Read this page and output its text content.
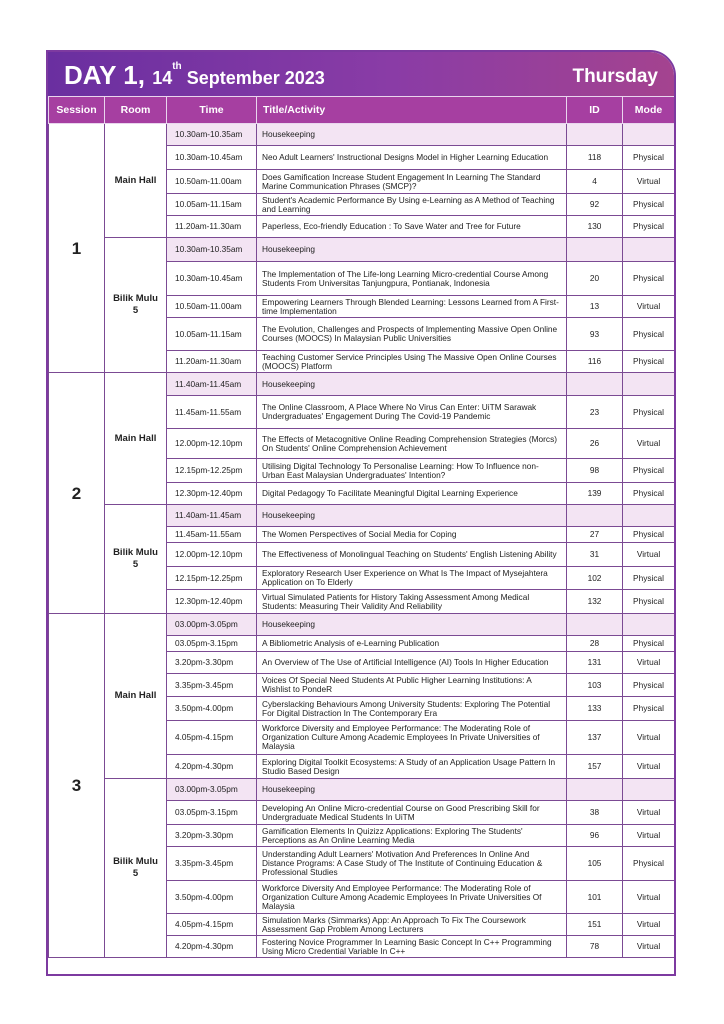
DAY 1, 14th September 2023	Thursday
Session	Room	Time	Title/Activity	ID	Mode
1	Main Hall	10.30am-10.35am	Housekeeping		
		10.30am-10.45am	Neo Adult Learners' Instructional Designs Model in Higher Learning Education	118	Physical
		10.50am-11.00am	Does Gamification Increase Student Engagement In Learning The Standard Marine Communication Phrases (SMCP)?	4	Virtual
		10.05am-11.15am	Student's Academic Performance By Using e-Learning as A Method of Teaching and Learning	92	Physical
		11.20am-11.30am	Paperless, Eco-friendly Education : To Save Water and Tree for Future	130	Physical
	Bilik Mulu 5	10.30am-10.35am	Housekeeping		
		10.30am-10.45am	The Implementation of The Life-long Learning Micro-credential Course Among Students From Universitas Tanjungpura, Pontianak, Indonesia	20	Physical
		10.50am-11.00am	Empowering Learners Through Blended Learning: Lessons Learned from A First-time Implementation	13	Virtual
		10.05am-11.15am	The Evolution, Challenges and Prospects of Implementing Massive Open Online Courses (MOOCS) In Malaysian Public Universities	93	Physical
		11.20am-11.30am	Teaching Customer Service Principles Using The Massive Open Online Courses (MOOCS) Platform	116	Physical
2	Main Hall	11.40am-11.45am	Housekeeping		
		11.45am-11.55am	The Online Classroom, A Place Where No Virus Can Enter: UiTM Sarawak Undergraduates' Engagement During The Covid-19 Pandemic	23	Physical
		12.00pm-12.10pm	The Effects of Metacognitive Online Reading Comprehension Strategies (Morcs) On Students' Online Comprehension Achievement	26	Virtual
		12.15pm-12.25pm	Utilising Digital Technology To Personalise Learning: How To Influence non-Urban East Malaysian Undergraduates' Intention?	98	Physical
		12.30pm-12.40pm	Digital Pedagogy To Facilitate Meaningful Digital Learning Experience	139	Physical
	Bilik Mulu 5	11.40am-11.45am	Housekeeping		
		11.45am-11.55am	The Women Perspectives of Social Media for Coping	27	Physical
		12.00pm-12.10pm	The Effectiveness of Monolingual Teaching on Students' English Listening Ability	31	Virtual
		12.15pm-12.25pm	Exploratory Research User Experience on What Is The Impact of Mysejahtera Application on To Elderly	102	Physical
		12.30pm-12.40pm	Virtual Simulated Patients for History Taking Assessment Among Medical Students: Measuring Their Validity And Reliability	132	Physical
3	Main Hall	03.00pm-3.05pm	Housekeeping		
		03.05pm-3.15pm	A Bibliometric Analysis of e-Learning Publication	28	Physical
		3.20pm-3.30pm	An Overview of The Use of Artificial Intelligence (AI) Tools In Higher Education	131	Virtual
		3.35pm-3.45pm	Voices Of Special Need Students At Public Higher Learning Institutions: A Wishlist to PondeR	103	Physical
		3.50pm-4.00pm	Cyberslacking Behaviours Among University Students: Exploring The Potential For Digital Distraction In The Contemporary Era	133	Physical
		4.05pm-4.15pm	Workforce Diversity and Employee Performance: The Moderating Role of Organization Culture Among Academic Employees In Private Universities of Malaysia	137	Virtual
		4.20pm-4.30pm	Exploring Digital Toolkit Ecosystems: A Study of an Application Usage Pattern In Studio Based Design	157	Virtual
	Bilik Mulu 5	03.00pm-3.05pm	Housekeeping		
		03.05pm-3.15pm	Developing An Online Micro-credential Course on Good Prescribing Skill for Undergraduate Medical Students In UiTM	38	Virtual
		3.20pm-3.30pm	Gamification Elements In Quizizz Applications: Exploring The Students' Perceptions as An Online Learning Media	96	Virtual
		3.35pm-3.45pm	Understanding Adult Learners' Motivation And Preferences In Online And Distance Programs: A Case Study of The Institute of Continuing Education & Professional Studies	105	Physical
		3.50pm-4.00pm	Workforce Diversity And Employee Performance: The Moderating Role of Organization Culture Among Academic Employees In Private Universities Of Malaysia	101	Virtual
		4.05pm-4.15pm	Simulation Marks (Simmarks) App: An Approach To Fix The Coursework Assessment Gap Problem Among Lecturers	151	Virtual
		4.20pm-4.30pm	Fostering Novice Programmer In Learning Basic Concept In C++ Programming Using Micro Credential Variable In C++	78	Virtual
